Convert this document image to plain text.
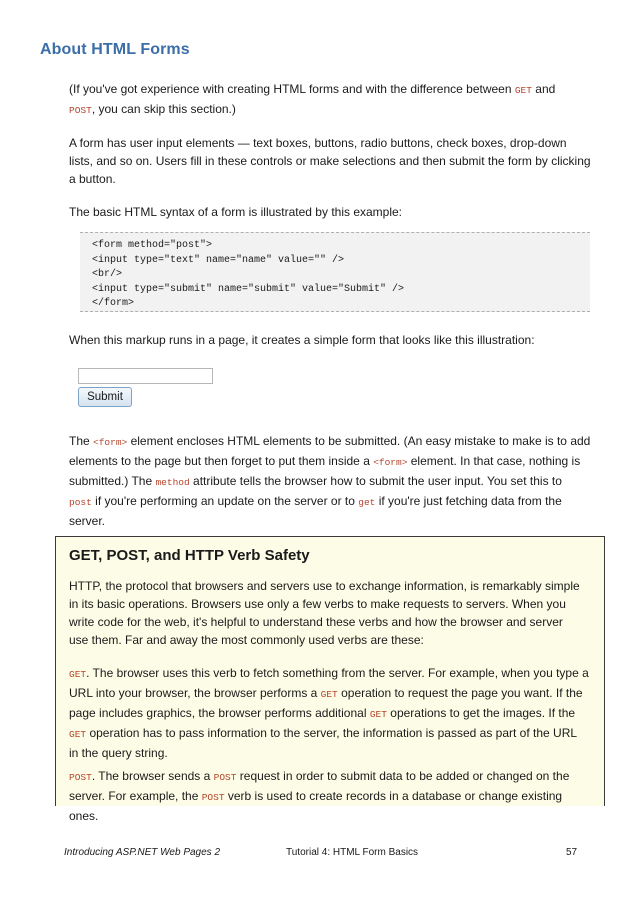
About HTML Forms
(If you've got experience with creating HTML forms and with the difference between GET and
POST, you can skip this section.)
A form has user input elements — text boxes, buttons, radio buttons, check boxes, drop-down
lists, and so on. Users fill in these controls or make selections and then submit the form by clicking
a button.
The basic HTML syntax of a form is illustrated by this example:
<form method="post">
<input type="text" name="name" value="" />
<br/>
<input type="submit" name="submit" value="Submit" />
</form>
When this markup runs in a page, it creates a simple form that looks like this illustration:
Submit
The <form> element encloses HTML elements to be submitted. (An easy mistake to make is to add
elements to the page but then forget to put them inside a <form> element. In that case, nothing is
submitted.) The method attribute tells the browser how to submit the user input. You set this to
post if you're performing an update on the server or to get if you're just fetching data from the
server.
GET, POST, and HTTP Verb Safety
HTTP, the protocol that browsers and servers use to exchange information, is remarkably simple
in its basic operations. Browsers use only a few verbs to make requests to servers. When you
write code for the web, it's helpful to understand these verbs and how the browser and server
use them. Far and away the most commonly used verbs are these:
GET. The browser uses this verb to fetch something from the server. For example, when you type a
URL into your browser, the browser performs a GET operation to request the page you want. If the
page includes graphics, the browser performs additional GET operations to get the images. If the
GET operation has to pass information to the server, the information is passed as part of the URL
in the query string.
POST. The browser sends a POST request in order to submit data to be added or changed on the
server. For example, the POST verb is used to create records in a database or change existing ones.
Introducing ASP.NET Web Pages 2	Tutorial 4: HTML Form Basics	57
